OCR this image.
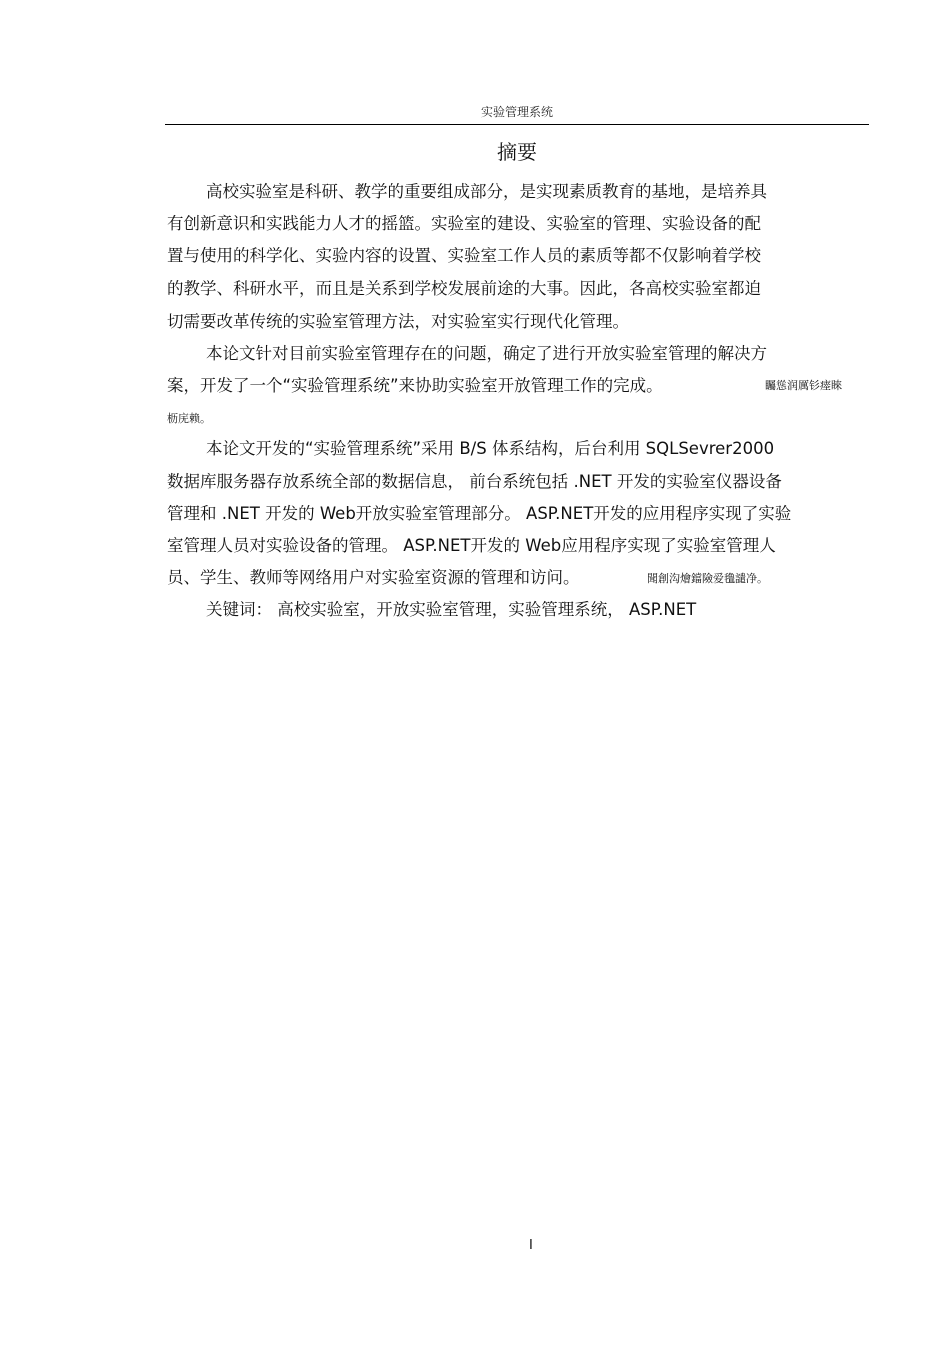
实验管理系统
摘要
高校实验室是科研、教学的重要组成部分，是实现素质教育的基地，是培养具
有创新意识和实践能力人才的摇篮。实验室的建设、实验室的管理、实验设备的配
置与使用的科学化、实验内容的设置、实验室工作人员的素质等都不仅影响着学校
的教学、科研水平，而且是关系到学校发展前途的大事。因此，各高校实验室都迫
切需要改革传统的实验室管理方法，对实验室实行现代化管理。
本论文针对目前实验室管理存在的问题，确定了进行开放实验室管理的解决方
案，开发了一个“实验管理系统”来协助实验室开放管理工作的完成。	矚慫润厲钐瘗睞
枥庑赖。
本论文开发的“实验管理系统”采用 B/S 体系结构，后台利用 SQLSevrer2000
数据库服务器存放系统全部的数据信息， 前台系统包括 .NET 开发的实验室仪器设备
管理和 .NET 开发的 Web开放实验室管理部分。 ASP.NET开发的应用程序实现了实验
室管理人员对实验设备的管理。 ASP.NET开发的 Web应用程序实现了实验室管理人
员、学生、教师等网络用户对实验室资源的管理和访问。	聞創沟燴鐺險爱氇譴净。
关键词： 高校实验室，开放实验室管理，实验管理系统， ASP.NET
I
